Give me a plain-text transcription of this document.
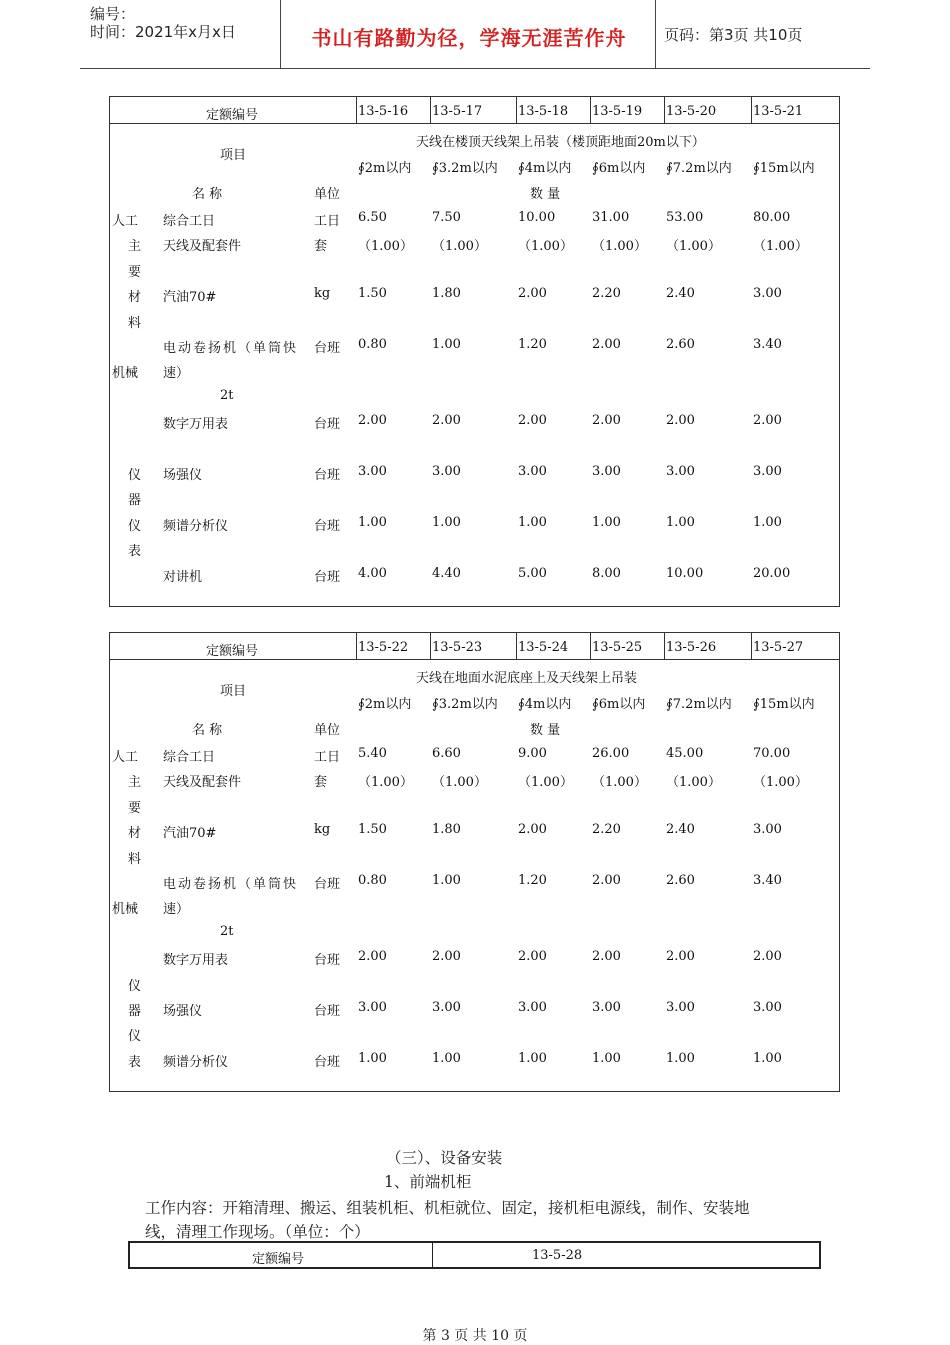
编号：
时间：2021年x月x日	书山有路勤为径，学海无涯苦作舟	页码：第3页 共10页
定额编号	13-5-16 13-5-17	13-5-18 13-5-19 13-5-20	13-5-21
天线在楼顶天线架上吊装（楼顶距地面20m以下）
项目
∮2m以内 ∮3.2m以内 ∮4m以内 ∮6m以内 ∮7.2m以内 ∮15m以内
名 称	单位	数 量
人工 综合工日	工日 6.50	7.50	10.00	31.00	53.00	80.00
主 天线及配套件	套 （1.00） （1.00） （1.00） （1.00） （1.00） （1.00）
要
材 汽油70#	kg 1.50	1.80	2.00	2.20	2.40	3.00
料
电动卷扬机（单筒快 台班 0.80	1.00	1.20	2.00	2.60	3.40
机械 速）
2t
数字万用表	台班 2.00	2.00	2.00	2.00	2.00	2.00
仪 场强仪	台班 3.00	3.00	3.00	3.00	3.00	3.00
器
仪 频谱分析仪	台班 1.00	1.00	1.00	1.00	1.00	1.00
表
对讲机	台班 4.00	4.40	5.00	8.00	10.00	20.00
定额编号	13-5-22 13-5-23	13-5-24 13-5-25 13-5-26	13-5-27
天线在地面水泥底座上及天线架上吊装
项目
∮2m以内 ∮3.2m以内 ∮4m以内 ∮6m以内 ∮7.2m以内 ∮15m以内
名 称	单位	数 量
人工 综合工日	工日 5.40	6.60	9.00	26.00	45.00	70.00
主 天线及配套件	套 （1.00） （1.00） （1.00） （1.00） （1.00） （1.00）
要
材 汽油70#	kg 1.50	1.80	2.00	2.20	2.40	3.00
料
电动卷扬机（单筒快 台班 0.80	1.00	1.20	2.00	2.60	3.40
机械 速）
2t
数字万用表	台班 2.00	2.00	2.00	2.00	2.00	2.00
仪
器 场强仪	台班 3.00	3.00	3.00	3.00	3.00	3.00
仪
表 频谱分析仪	台班 1.00	1.00	1.00	1.00	1.00	1.00
（三）、设备安装
1、前端机柜
工作内容：开箱清理、搬运、组装机柜、机柜就位、固定，接机柜电源线，制作、安装地
线，清理工作现场。（单位：个）
定额编号	13-5-28
第 3 页 共 10 页
